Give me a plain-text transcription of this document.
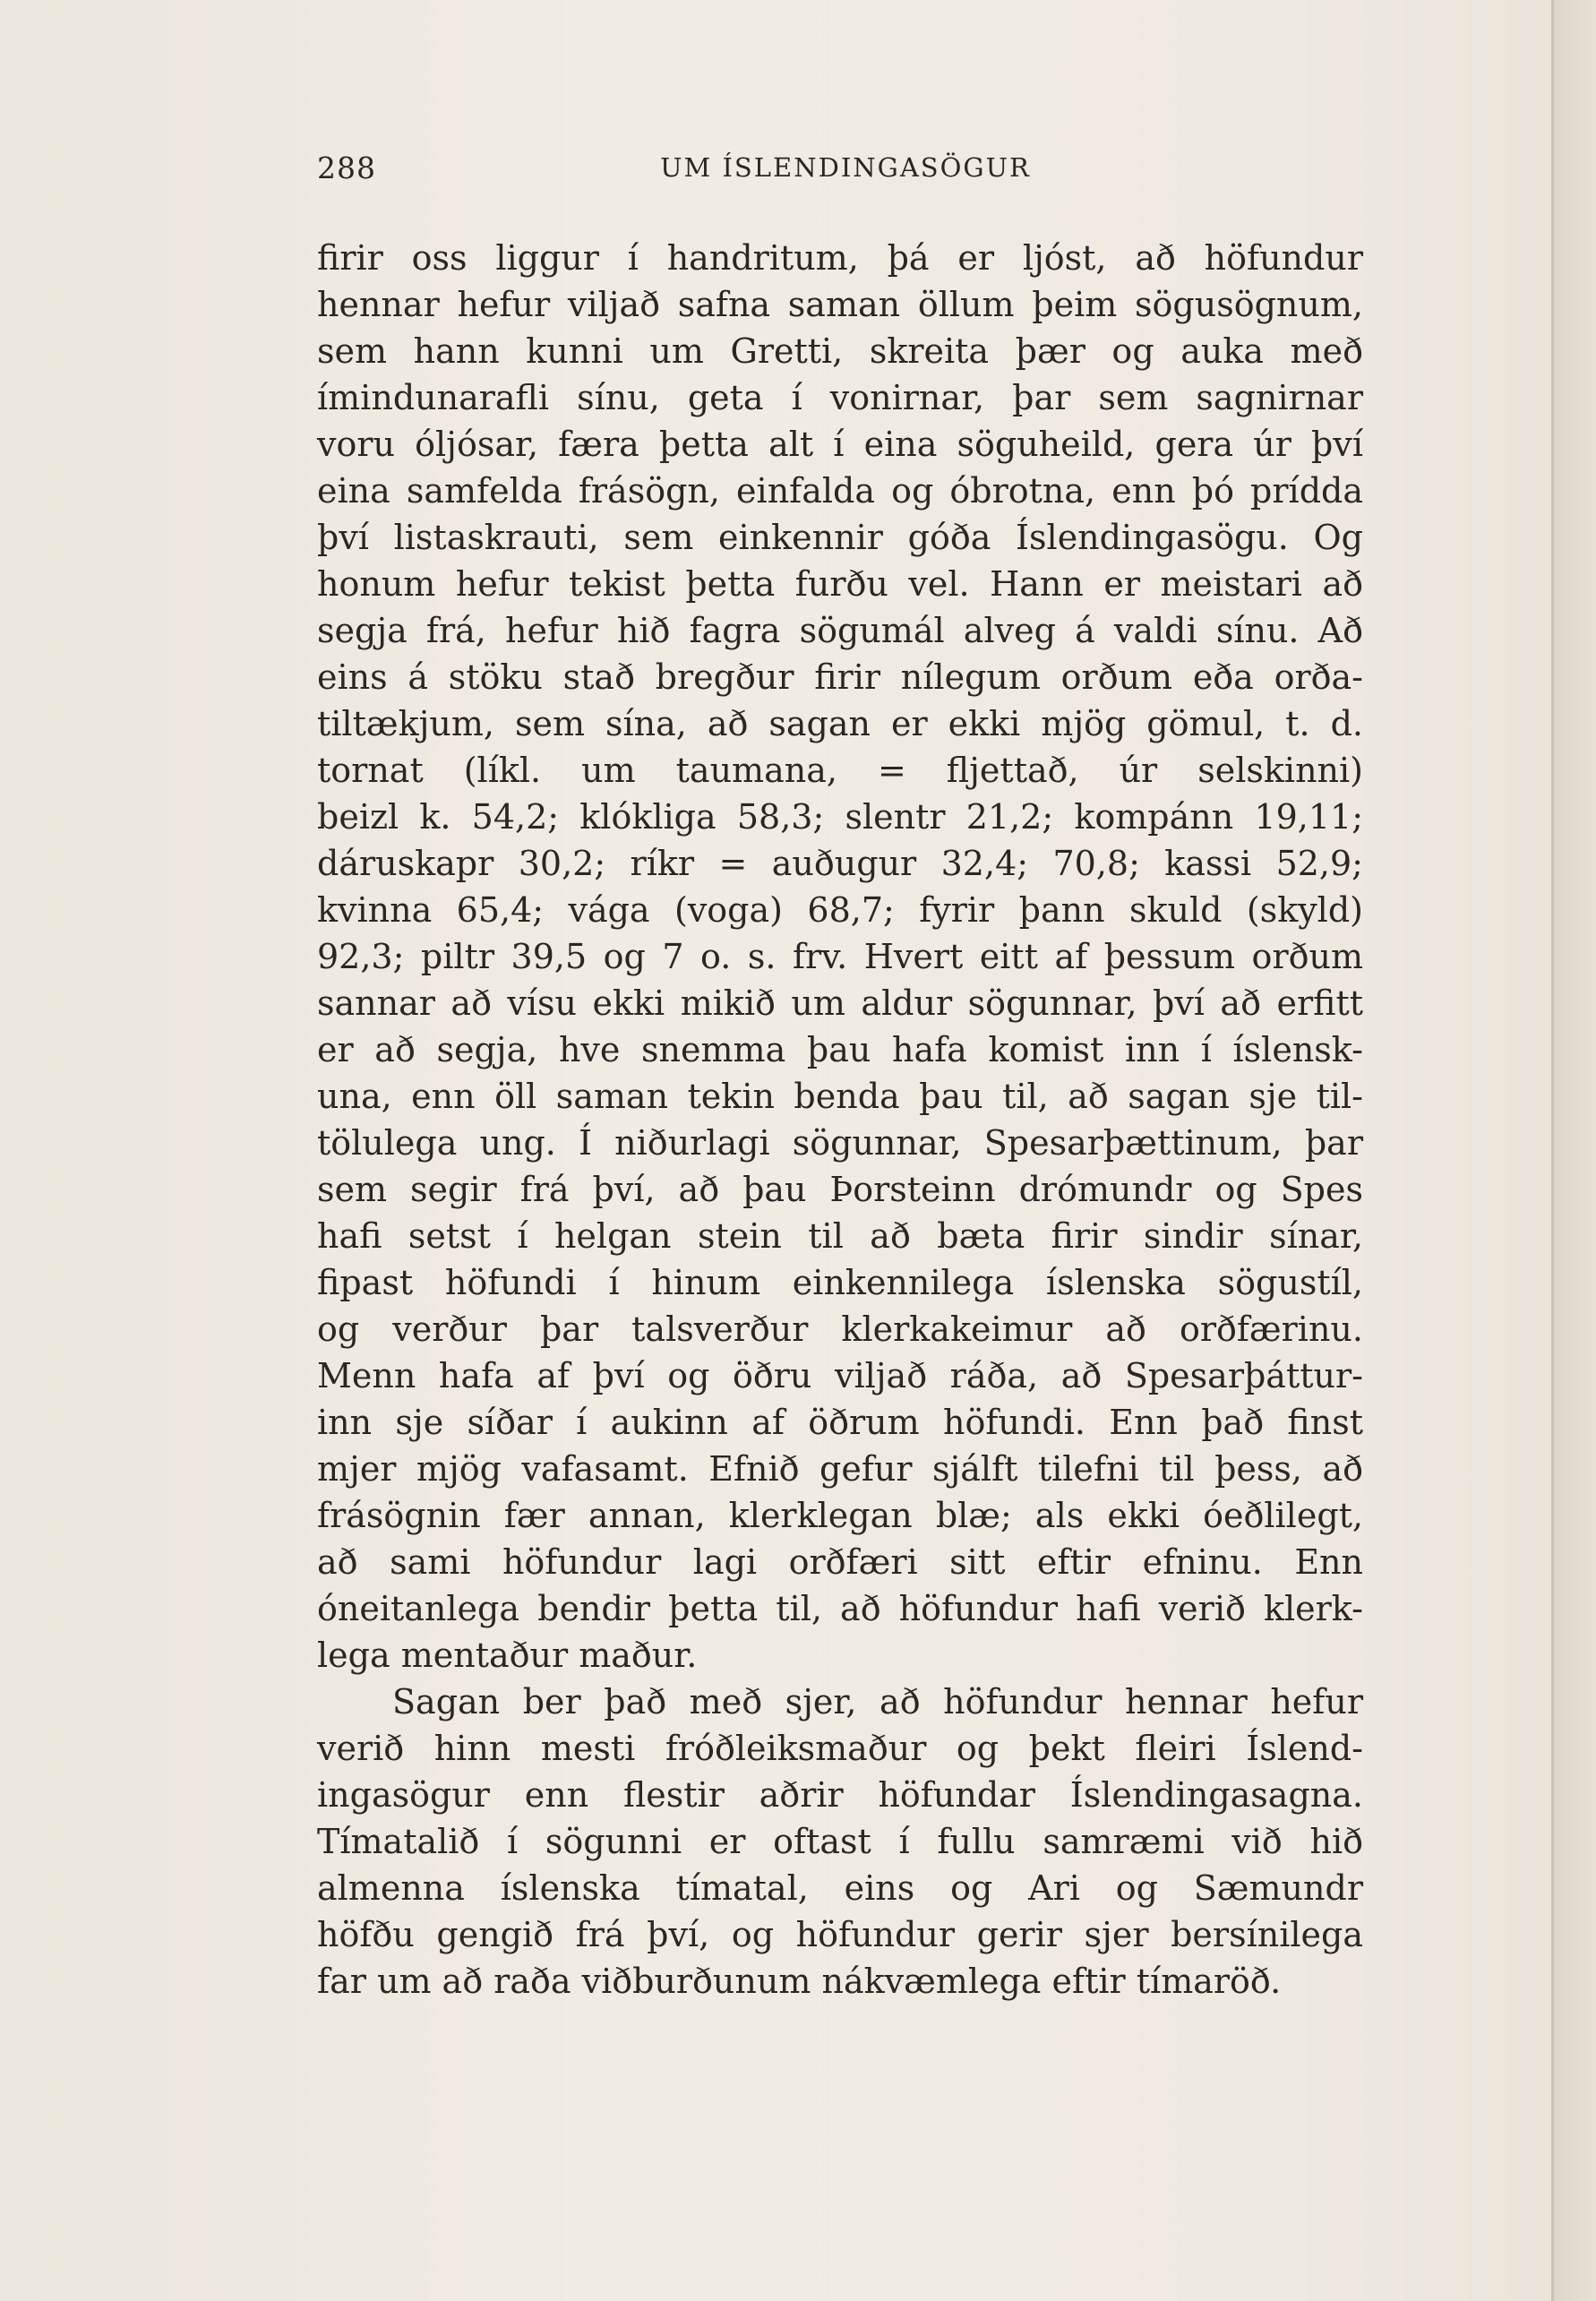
288	UM ÍSLENDINGASÖGUR
firir oss liggur í handritum, þá er ljóst, að höfundur
hennar hefur viljað safna saman öllum þeim sögusögnum,
sem hann kunni um Gretti, skreita þær og auka með
ímindunarafli sínu, geta í vonirnar, þar sem sagnirnar
voru óljósar, færa þetta alt í eina söguheild, gera úr því
eina samfelda frásögn, einfalda og óbrotna, enn þó prídda
því listaskrauti, sem einkennir góða Íslendingasögu. Og
honum hefur tekist þetta furðu vel. Hann er meistari að
segja frá, hefur hið fagra sögumál alveg á valdi sínu. Að
eins á stöku stað bregður firir nílegum orðum eða orða-
tiltækjum, sem sína, að sagan er ekki mjög gömul, t. d.
tornat (líkl. um taumana, = fljettað, úr selskinni)
beizl k. 54,2; klókliga 58,3; slentr 21,2; kompánn 19,11;
dáruskapr 30,2; ríkr = auðugur 32,4; 70,8; kassi 52,9;
kvinna 65,4; vága (voga) 68,7; fyrir þann skuld (skyld)
92,3; piltr 39,5 og 7 o. s. frv. Hvert eitt af þessum orðum
sannar að vísu ekki mikið um aldur sögunnar, því að erfitt
er að segja, hve snemma þau hafa komist inn í íslensk-
una, enn öll saman tekin benda þau til, að sagan sje til-
tölulega ung. Í niðurlagi sögunnar, Spesarþættinum, þar
sem segir frá því, að þau Þorsteinn drómundr og Spes
hafi setst í helgan stein til að bæta firir sindir sínar,
fipast höfundi í hinum einkennilega íslenska sögustíl,
og verður þar talsverður klerkakeimur að orðfærinu.
Menn hafa af því og öðru viljað ráða, að Spesarþáttur-
inn sje síðar í aukinn af öðrum höfundi. Enn það finst
mjer mjög vafasamt. Efnið gefur sjálft tilefni til þess, að
frásögnin fær annan, klerklegan blæ; als ekki óeðlilegt,
að sami höfundur lagi orðfæri sitt eftir efninu. Enn
óneitanlega bendir þetta til, að höfundur hafi verið klerk-
lega mentaður maður.
Sagan ber það með sjer, að höfundur hennar hefur
verið hinn mesti fróðleiksmaður og þekt fleiri Íslend-
ingasögur enn flestir aðrir höfundar Íslendingasagna.
Tímatalið í sögunni er oftast í fullu samræmi við hið
almenna íslenska tímatal, eins og Ari og Sæmundr
höfðu gengið frá því, og höfundur gerir sjer bersínilega
far um að raða viðburðunum nákvæmlega eftir tímaröð.
